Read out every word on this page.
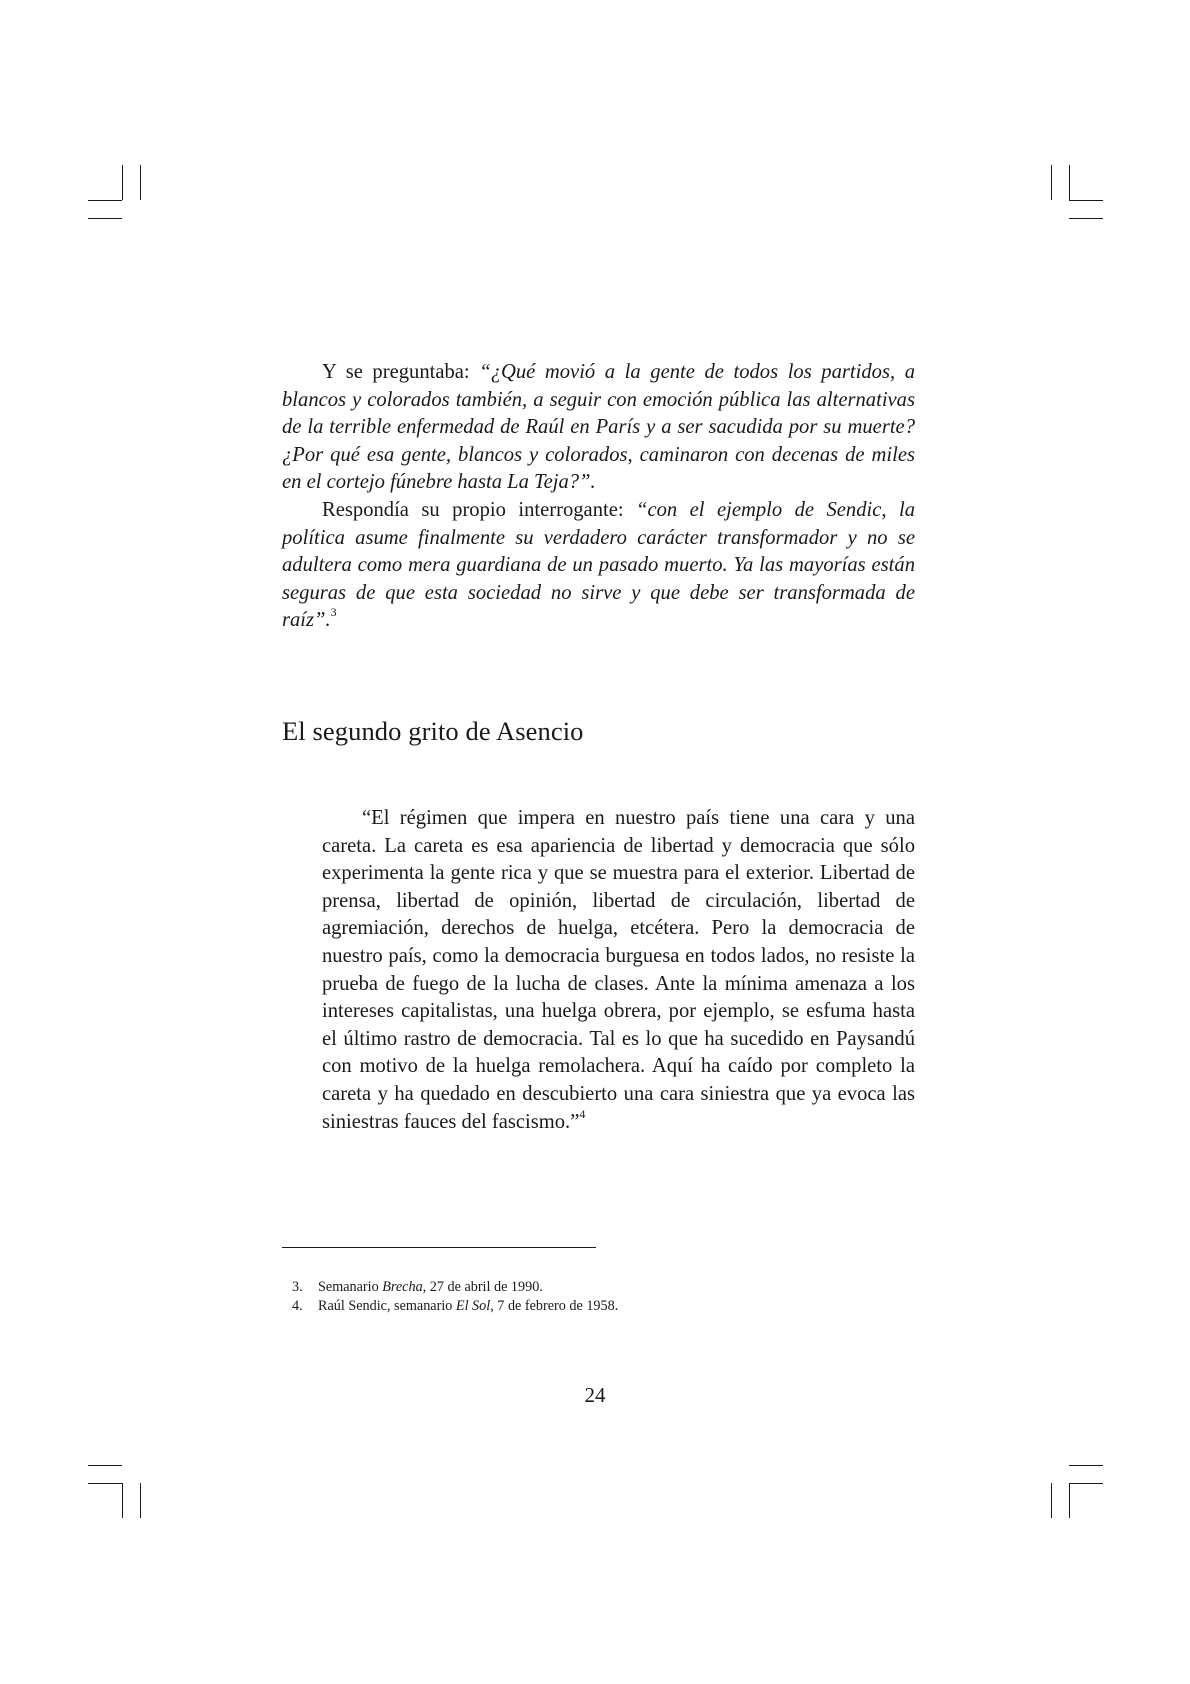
Y se preguntaba: “¿Qué movió a la gente de todos los partidos, a blancos y colorados también, a seguir con emoción pública las alternativas de la terrible enfermedad de Raúl en París y a ser sacudida por su muerte? ¿Por qué esa gente, blancos y colorados, caminaron con decenas de miles en el cortejo fúnebre hasta La Teja?”.

Respondía su propio interrogante: “con el ejemplo de Sendic, la política asume finalmente su verdadero carácter transformador y no se adultera como mera guardiana de un pasado muerto. Ya las mayorías están seguras de que esta sociedad no sirve y que debe ser transformada de raíz”.$^3$

El segundo grito de Asencio

“El régimen que impera en nuestro país tiene una cara y una careta. La careta es esa apariencia de libertad y democracia que sólo experimenta la gente rica y que se muestra para el exterior. Libertad de prensa, libertad de opinión, libertad de circulación, libertad de agremiación, derechos de huelga, etcétera. Pero la democracia de nuestro país, como la democracia burguesa en todos lados, no resiste la prueba de fuego de la lucha de clases. Ante la mínima amenaza a los intereses capitalistas, una huelga obrera, por ejemplo, se esfuma hasta el último rastro de democracia. Tal es lo que ha sucedido en Paysandú con motivo de la huelga remolachera. Aquí ha caído por completo la careta y ha quedado en descubierto una cara siniestra que ya evoca las siniestras fauces del fascismo.”$^4$

3. Semanario Brecha, 27 de abril de 1990.
4. Raúl Sendic, semanario El Sol, 7 de febrero de 1958.
24
